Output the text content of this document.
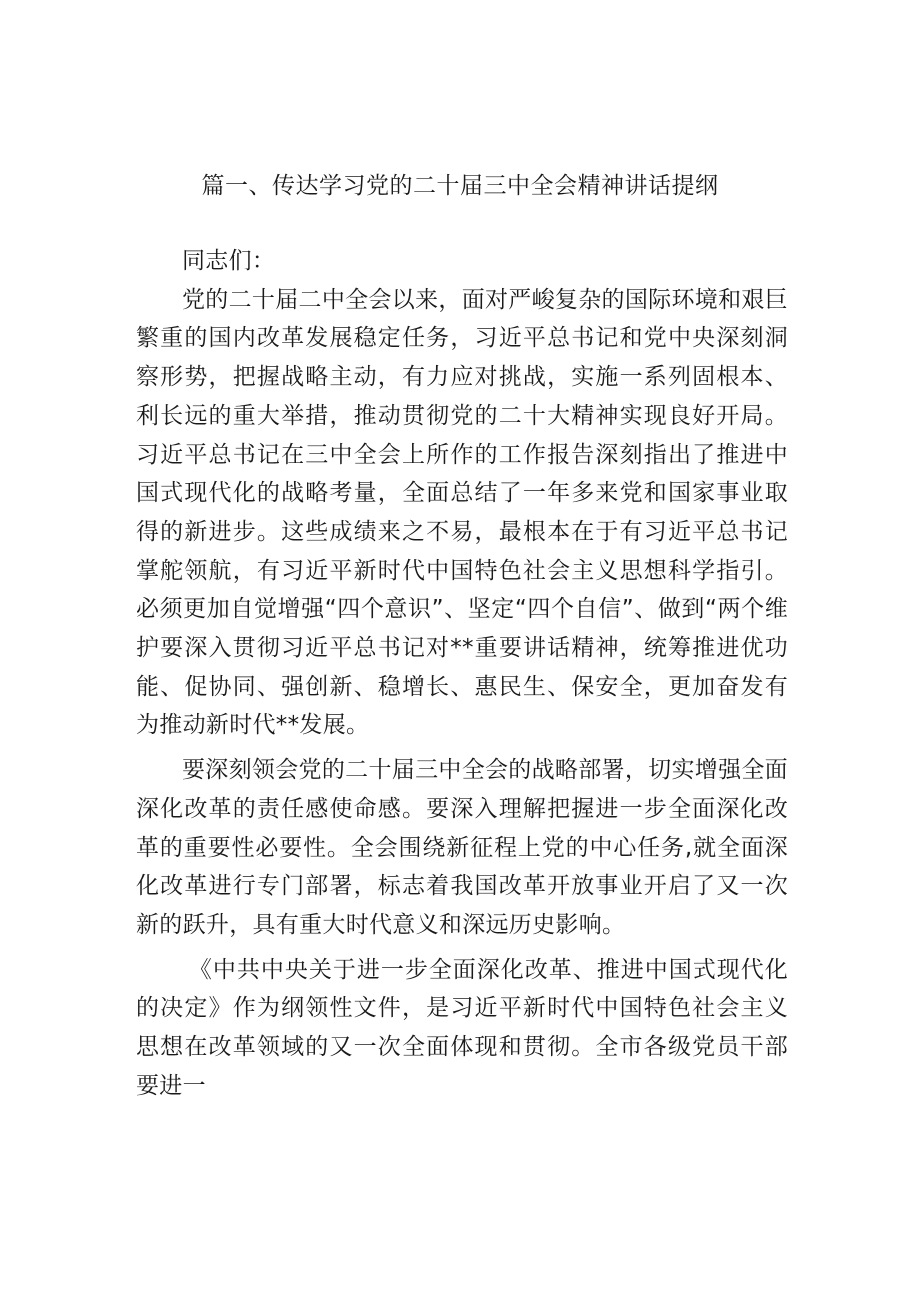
篇一、传达学习党的二十届三中全会精神讲话提纲

同志们：

党的二十届二中全会以来，面对严峻复杂的国际环境和艰巨繁重的国内改革发展稳定任务，习近平总书记和党中央深刻洞察形势，把握战略主动，有力应对挑战，实施一系列固根本、利长远的重大举措，推动贯彻党的二十大精神实现良好开局。习近平总书记在三中全会上所作的工作报告深刻指出了推进中国式现代化的战略考量，全面总结了一年多来党和国家事业取得的新进步。这些成绩来之不易，最根本在于有习近平总书记掌舵领航，有习近平新时代中国特色社会主义思想科学指引。必须更加自觉增强“四个意识”、坚定“四个自信”、做到“两个维护要深入贯彻习近平总书记对**重要讲话精神，统筹推进优功能、促协同、强创新、稳增长、惠民生、保安全，更加奋发有为推动新时代**发展。

要深刻领会党的二十届三中全会的战略部署，切实增强全面深化改革的责任感使命感。要深入理解把握进一步全面深化改革的重要性必要性。全会围绕新征程上党的中心任务,就全面深化改革进行专门部署，标志着我国改革开放事业开启了又一次新的跃升，具有重大时代意义和深远历史影响。

《中共中央关于进一步全面深化改革、推进中国式现代化的决定》作为纲领性文件，是习近平新时代中国特色社会主义思想在改革领域的又一次全面体现和贯彻。全市各级党员干部要进一
